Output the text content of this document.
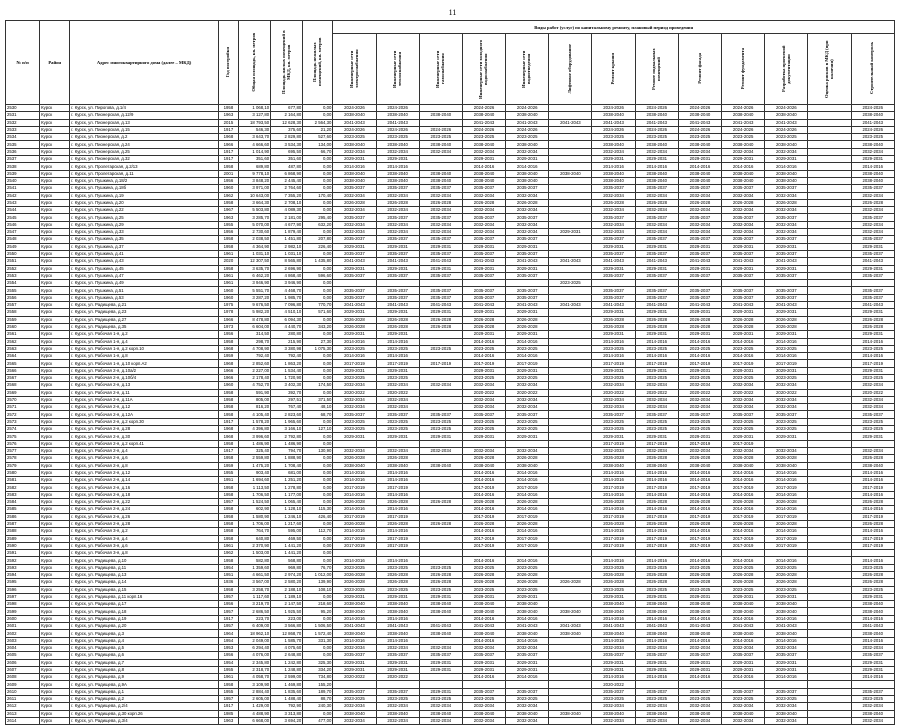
11
№ п/п	Район	Адрес многоквартирного дома (далее – МКД)	Год постройки	Общая площадь, кв. метров	Площадь жилых помещений в МКД, кв. метров	Площадь нежилых помещений, кв. метров	Виды работ (услуг) по капитальному ремонту, плановый период проведения												
							Инженерные сети электроснабжения	Инженерные сети теплоснабжения	Инженерные сети газоснабжения	Инженерные сети холодного водоснабжения	Инженерные сети водоотведения	Лифтовое оборудование	Ремонт крыши	Ремонт подвальных помещений	Ремонт фасада	Ремонт фундамента	Разработка проектной документации	Оценка рисков в МКД (при наличии)	Строительный контроль
2530	Курск	г. Курск, ул. Пирогова, д.1/4	1958	1 068,10	677,80	0,00	2024-2026	2024-2026		2024-2026	2024-2026		2024-2026	2024-2026	2024-2026	2024-2026	2024-2026		2024-2026
2531	Курск	г. Курск, ул. Пионерская, д.12/9	1963	3 127,80	2 164,80	0,00	2038-2040	2038-2040	2038-2040	2038-2040	2038-2040		2038-2040	2038-2040	2038-2040	2038-2040	2038-2040		2038-2040
2532	Курск	г. Курск, ул. Пионерская, д.13	2015	18 793,50	12 628,30	2 564,30	2041-2043	2041-2043		2041-2043	2041-2043	2041-2043	2041-2043	2041-2043	2041-2043	2041-2043	2041-2043		2041-2043
2533	Курск	г. Курск, ул. Пионерская, д.15	1917	546,30	375,60	21,20	2024-2026	2024-2026	2024-2026	2024-2026	2024-2026		2024-2026	2024-2026	2024-2026	2024-2026	2024-2026		2024-2026
2534	Курск	г. Курск, ул. Пионерская, д.2	1968	3 643,70	2 829,80	527,60	2023-2025	2023-2025	2023-2025	2023-2025	2023-2025		2023-2025	2023-2025	2023-2025	2023-2025	2023-2025		2023-2025
2535	Курск	г. Курск, ул. Пионерская, д.24	1966	4 666,60	3 534,30	134,00	2038-2040	2038-2040	2038-2040	2038-2040	2038-2040		2038-2040	2038-2040	2038-2040	2038-2040	2038-2040		2038-2040
2536	Курск	г. Курск, ул. Пионерская, д.25	1917	1 014,90	695,50	66,70	2032-2034	2032-2034	2032-2034	2032-2034	2032-2034		2032-2034	2032-2034	2032-2034	2032-2034	2032-2034		2032-2034
2537	Курск	г. Курск, ул. Пионерская, д.32	1917	351,60	351,60	0,00	2029-2031	2029-2031		2029-2031	2029-2031		2029-2031	2029-2031	2029-2031	2029-2031	2029-2031		2029-2031
2538	Курск	г. Курск, ул. Пролетарская, д.2/13	1958	689,80	487,80	0,00	2014-2016	2014-2016		2014-2016	2014-2016		2014-2016	2014-2016	2014-2016	2014-2016	2014-2016		2014-2016
2539	Курск	г. Курск, ул. Пролетарская, д.11	2001	9 778,10	6 868,90	0,00	2038-2040	2038-2040	2038-2040	2038-2040	2038-2040	2038-2040	2038-2040	2038-2040	2038-2040	2038-2040	2038-2040		2038-2040
2540	Курск	г. Курск, ул. Пушкина, д.18/2	1956	3 848,20	2 445,40	0,00	2038-2040	2038-2040	2038-2040	2038-2040	2038-2040		2038-2040	2038-2040	2038-2040	2038-2040	2038-2040		2038-2040
2541	Курск	г. Курск, ул. Пушкина, д.18б	1960	3 971,00	2 764,60	0,00	2035-2037	2035-2037	2035-2037	2035-2037	2035-2037		2035-2037	2035-2037	2035-2037	2035-2037	2035-2037		2035-2037
2542	Курск	г. Курск, ул. Пушкина, д.19	1962	10 643,00	7 355,20	170,40	2032-2034	2032-2034	2032-2034	2032-2034	2032-2034		2032-2034	2032-2034	2032-2034	2032-2034	2032-2034		2032-2034
2543	Курск	г. Курск, ул. Пушкина, д.20	1958	3 664,30	2 708,10	0,00	2026-2028	2026-2028	2026-2028	2026-2028	2026-2028		2026-2028	2026-2028	2026-2028	2026-2028	2026-2028		2026-2028
2544	Курск	г. Курск, ул. Пушкина, д.22	1967	5 503,80	4 089,30	0,00	2032-2034	2032-2034	2032-2034	2032-2034	2032-2034		2032-2034	2032-2034	2032-2034	2032-2034	2032-2034		2032-2034
2545	Курск	г. Курск, ул. Пушкина, д.25	1963	3 285,70	2 181,00	295,40	2035-2037	2035-2037	2035-2037	2035-2037	2035-2037		2035-2037	2035-2037	2035-2037	2035-2037	2035-2037		2035-2037
2546	Курск	г. Курск, ул. Пушкина, д.29	1955	5 070,00	4 677,90	632,20	2032-2034	2032-2034	2032-2034	2032-2034	2032-2034		2032-2034	2032-2034	2032-2034	2032-2034	2032-2034		2032-2034
2547	Курск	г. Курск, ул. Пушкина, д.33	1956	2 730,60	1 879,40	0,00	2032-2034	2032-2034	2032-2034	2032-2034	2032-2034	2029-2031	2032-2034	2032-2034	2032-2034	2032-2034	2032-2034		2032-2034
2548	Курск	г. Курск, ул. Пушкина, д.35	1958	2 038,50	1 451,80	207,80	2035-2037	2035-2037	2035-2037	2035-2037	2035-2037		2035-2037	2035-2037	2035-2037	2035-2037	2035-2037		2035-2037
2549	Курск	г. Курск, ул. Пушкина, д.37	1958	4 364,90	2 982,10	226,40	2029-2031	2029-2031	2029-2031	2029-2031	2029-2031		2029-2031	2029-2031	2029-2031	2029-2031	2029-2031		2029-2031
2550	Курск	г. Курск, ул. Пушкина, д.41	1961	1 031,10	1 031,10	0,00	2035-2037	2035-2037	2035-2037	2035-2037	2035-2037		2035-2037	2035-2037	2035-2037	2035-2037	2035-2037		2035-2037
2551	Курск	г. Курск, ул. Пушкина, д.43	2020	12 307,50	8 565,80	1 435,80	2041-2043	2041-2043	2041-2043	2041-2043	2041-2043	2041-2043	2041-2043	2041-2043	2041-2043	2041-2043	2041-2043		2041-2043
2552	Курск	г. Курск, ул. Пушкина, д.45	1958	3 635,70	2 696,90	0,00	2029-2031	2029-2031	2029-2031	2029-2031	2029-2031		2029-2031	2029-2031	2029-2031	2029-2031	2029-2031		2029-2031
2553	Курск	г. Курск, ул. Пушкина, д.47	1961	6 462,20	4 868,40	596,60	2035-2037	2035-2037	2035-2037	2035-2037	2035-2037		2035-2037	2035-2037	2035-2037	2035-2037	2035-2037		2035-2037
2554	Курск	г. Курск, ул. Пушкина, д.49	1961	3 946,90	3 946,90	0,00						2023-2025							
2555	Курск	г. Курск, ул. Пушкина, д.51	1960	5 551,70	4 468,70	0,00	2035-2037	2035-2037	2035-2037	2035-2037	2035-2037		2035-2037	2035-2037	2035-2037	2035-2037	2035-2037		2035-2037
2556	Курск	г. Курск, ул. Пушкина, д.53	1960	3 287,20	1 985,70	0,00	2035-2037	2035-2037	2035-2037	2035-2037	2035-2037		2035-2037	2035-2037	2035-2037	2035-2037	2035-2037		2035-2037
2557	Курск	г. Курск, ул. Радищева, д.21	1975	9 676,50	7 096,80	770,70	2041-2043	2041-2043	2041-2043	2041-2043	2041-2043	2041-2043	2041-2043	2041-2043	2041-2043	2041-2043	2041-2043		2041-2043
2558	Курск	г. Курск, ул. Радищева, д.23	1978	5 982,20	4 510,10	571,60	2029-2031	2029-2031	2029-2031	2029-2031	2029-2031		2029-2031	2029-2031	2029-2031	2029-2031	2029-2031		2029-2031
2559	Курск	г. Курск, ул. Радищева, д.27	1966	8 478,80	6 094,30	0,00	2026-2028	2026-2028	2026-2028	2026-2028	2026-2028		2026-2028	2026-2028	2026-2028	2026-2028	2026-2028		2026-2028
2560	Курск	г. Курск, ул. Радищева, д.35	1973	6 604,00	4 440,70	343,20	2026-2028	2026-2028	2026-2028	2026-2028	2026-2028		2026-2028	2026-2028	2026-2028	2026-2028	2026-2028		2026-2028
2561	Курск	г. Курск, ул. Рабочая 1-я, д.2	1956	314,50	280,80	0,00	2029-2031	2029-2031		2029-2031	2029-2031		2029-2031	2029-2031	2029-2031	2029-2031	2029-2031		2029-2031
2562	Курск	г. Курск, ул. Рабочая 1-я, д.4	1958	298,70	215,90	27,30	2014-2016	2014-2016		2014-2016	2014-2016		2014-2016	2014-2016	2014-2016	2014-2016	2014-2016		2014-2016
2563	Курск	г. Курск, ул. Рабочая 1-я, д.2 корп.10	1968	4 708,90	3 380,98	1 075,30	2023-2025	2023-2025	2023-2025	2023-2025	2023-2025		2023-2025	2023-2025	2023-2025	2023-2025	2023-2025		2023-2025
2564	Курск	г. Курск, ул. Рабочая 1-я, д.8	1959	792,40	792,40	0,00	2014-2016	2014-2016		2014-2016	2014-2016		2014-2016	2014-2016	2014-2016	2014-2016	2014-2016		2014-2016
2565	Курск	г. Курск, ул. Рабочая 1-я, д.10 корп.А2	1968	2 852,60	1 863,20	0,00	2017-2019	2017-2019	2017-2019	2017-2019	2017-2019		2017-2019	2017-2019	2017-2019	2017-2019	2017-2019		2017-2019
2566	Курск	г. Курск, ул. Рабочая 2-я, д.10а/2	1966	2 227,00	1 534,40	0,00	2029-2031	2029-2031		2029-2031	2029-2031		2029-2031	2029-2031	2029-2031	2029-2031	2029-2031		2029-2031
2567	Курск	г. Курск, ул. Рабочая 2-я, д.10б/4	1966	2 178,40	1 720,90	0,00	2023-2025	2023-2025		2023-2025	2023-2025		2023-2025	2023-2025	2023-2025	2023-2025	2023-2025		2023-2025
2568	Курск	г. Курск, ул. Рабочая 2-я, д.13	1960	4 752,70	3 402,30	174,50	2032-2034	2032-2034	2032-2034	2032-2034	2032-2034		2032-2034	2032-2034	2032-2034	2032-2034	2032-2034		2032-2034
2569	Курск	г. Курск, ул. Рабочая 2-я, д.11	1958	591,90	392,70	0,00	2020-2022	2020-2022		2020-2022	2020-2022		2020-2022	2020-2022	2020-2022	2020-2022	2020-2022		2020-2022
2570	Курск	г. Курск, ул. Рабочая 2-я, д.11А	1958	805,00	297,51	371,50	2032-2034	2032-2034		2032-2034	2032-2034		2032-2034	2032-2034	2032-2034	2032-2034	2032-2034		2032-2034
2571	Курск	г. Курск, ул. Рабочая 2-я, д.12	1958	816,20	767,40	48,10	2032-2034	2032-2034		2032-2034	2032-2034		2032-2034	2032-2034	2032-2034	2032-2034	2032-2034		2032-2034
2572	Курск	г. Курск, ул. Рабочая 2-я, д.12А	1958	4 105,40	2 823,60	68,70	2035-2037	2035-2037	2035-2037	2035-2037	2035-2037		2035-2037	2035-2037	2035-2037	2035-2037	2035-2037		2035-2037
2573	Курск	г. Курск, ул. Рабочая 2-я, д.2 корп.30	1917	1 578,20	1 965,60	0,00	2023-2025	2023-2025	2023-2025	2023-2025	2023-2025		2023-2025	2023-2025	2023-2025	2023-2025	2023-2025		2023-2025
2574	Курск	г. Курск, ул. Рабочая 2-я, д.28	1968	4 396,80	3 166,10	127,10	2023-2025	2023-2025	2023-2025	2023-2025	2023-2025		2023-2025	2023-2025	2023-2025	2023-2025	2023-2025		2023-2025
2575	Курск	г. Курск, ул. Рабочая 2-я, д.30	1968	3 996,60	2 792,80	0,00	2029-2031	2029-2031	2029-2031	2029-2031	2029-2031		2029-2031	2029-2031	2029-2031	2029-2031	2029-2031		2029-2031
2576	Курск	г. Курск, ул. Рабочая 2-я, д.2 корп.41	1958	1 486,90	1 486,90	0,00							2017-2019	2017-2019	2017-2019	2017-2019			
2577	Курск	г. Курск, ул. Рабочая 2-я, д.4	1917	325,40	794,70	130,90	2032-2034	2032-2034	2032-2034	2032-2034	2032-2034		2032-2034	2032-2034	2032-2034	2032-2034	2032-2034		2032-2034
2578	Курск	г. Курск, ул. Рабочая 2-я, д.6	1958	2 559,80	1 888,90	0,00	2026-2028	2026-2028		2026-2028	2026-2028		2026-2028	2026-2028	2026-2028	2026-2028	2026-2028		2026-2028
2579	Курск	г. Курск, ул. Рабочая 2-я, д.8	1959	1 475,20	1 708,40	0,00	2038-2040	2038-2040	2038-2040	2038-2040	2038-2040		2038-2040	2038-2040	2038-2040	2038-2040	2038-2040		2038-2040
2580	Курск	г. Курск, ул. Рабочая 2-я, д.12	1955	903,40	681,00	0,00	2014-2016	2014-2016		2014-2016	2014-2016		2014-2016	2014-2016	2014-2016	2014-2016	2014-2016		2014-2016
2581	Курск	г. Курск, ул. Рабочая 2-я, д.14	1951	1 694,60	1 251,20	0,00	2014-2016	2014-2016		2014-2016	2014-2016		2014-2016	2014-2016	2014-2016	2014-2016	2014-2016		2014-2016
2582	Курск	г. Курск, ул. Рабочая 2-я, д.16	1958	1 113,50	1 278,80	0,00	2017-2019	2017-2019		2017-2019	2017-2019		2017-2019	2017-2019	2017-2019	2017-2019	2017-2019		2017-2019
2583	Курск	г. Курск, ул. Рабочая 2-я, д.18	1958	1 706,50	1 177,00	0,00	2014-2016	2014-2016		2014-2016	2014-2016		2014-2016	2014-2016	2014-2016	2014-2016	2014-2016		2014-2016
2584	Курск	г. Курск, ул. Рабочая 2-я, д.22	1957	1 524,50	1 065,40	0,00	2026-2028	2026-2028	2026-2028	2026-2028	2026-2028		2026-2028	2026-2028	2026-2028	2026-2028	2026-2028		2026-2028
2585	Курск	г. Курск, ул. Рабочая 2-я, д.24	1958	602,90	1 128,10	115,30	2014-2016	2014-2016		2014-2016	2014-2016		2014-2016	2014-2016	2014-2016	2014-2016	2014-2016		2014-2016
2586	Курск	г. Курск, ул. Рабочая 2-я, д.26	1958	1 580,90	1 246,10	426,40	2017-2019	2017-2019		2017-2019	2017-2019		2017-2019	2017-2019	2017-2019	2017-2019	2017-2019		2017-2019
2587	Курск	г. Курск, ул. Рабочая 2-я, д.28	1958	1 706,00	1 217,60	0,00	2026-2028	2026-2028	2026-2028	2026-2028	2026-2028		2026-2028	2026-2028	2026-2028	2026-2028	2026-2028		2026-2028
2588	Курск	г. Курск, ул. Рабочая 3-я, д.2	1958	764,70	595,00	112,70	2014-2016	2014-2016		2014-2016	2014-2016		2014-2016	2014-2016	2014-2016	2014-2016	2014-2016		2014-2016
2589	Курск	г. Курск, ул. Рабочая 3-я, д.4	1958	640,80	469,50	0,00	2017-2019	2017-2019		2017-2019	2017-2019		2017-2019	2017-2019	2017-2019	2017-2019	2017-2019		2017-2019
2590	Курск	г. Курск, ул. Рабочая 3-я, д.6	1961	2 370,90	1 441,20	0,00	2017-2019	2017-2019		2017-2019	2017-2019		2017-2019	2017-2019	2017-2019	2017-2019	2017-2019		2017-2019
2591	Курск	г. Курск, ул. Рабочая 3-я, д.8	1962	1 503,00	1 441,20	0,00													
2592	Курск	г. Курск, ул. Радищева, д.10	1958	582,80	568,80	0,00	2014-2016	2014-2016		2014-2016	2014-2016		2014-2016	2014-2016	2014-2016	2014-2016	2014-2016		2014-2016
2593	Курск	г. Курск, ул. Радищева, д.11	1954	1 359,60	969,80	76,70	2023-2025	2023-2025	2023-2025	2023-2025	2023-2025		2023-2025	2023-2025	2023-2025	2023-2025	2023-2025		2023-2025
2594	Курск	г. Курск, ул. Радищева, д.13	1951	4 661,50	2 974,20	1 012,00	2026-2028	2026-2028	2026-2028	2026-2028	2026-2028		2026-2028	2026-2028	2026-2028	2026-2028	2026-2028		2026-2028
2595	Курск	г. Курск, ул. Радищева, д.14	1936	3 567,00	2 580,20	139,90	2026-2028	2026-2028	2026-2028	2026-2028	2026-2028	2026-2028	2026-2028	2026-2028	2026-2028	2026-2028	2026-2028		2026-2028
2596	Курск	г. Курск, ул. Радищева, д.15	1958	3 258,70	2 188,10	108,10	2023-2025	2023-2025	2023-2025	2023-2025	2023-2025		2023-2025	2023-2025	2023-2025	2023-2025	2023-2025		2023-2025
2597	Курск	г. Курск, ул. Радищева, д.11 корп.16	1957	1 117,60	1 189,10	0,00	2029-2031	2029-2031	2029-2031	2029-2031	2029-2031		2029-2031	2029-2031	2029-2031	2029-2031	2029-2031		2029-2031
2598	Курск	г. Курск, ул. Радищева, д.17	1956	3 219,70	2 147,50	218,60	2038-2040	2038-2040	2038-2040	2038-2040	2038-2040		2038-2040	2038-2040	2038-2040	2038-2040	2038-2040		2038-2040
2599	Курск	г. Курск, ул. Радищева, д.18	1957	2 686,50	1 925,50	95,20	2038-2040	2038-2040	2038-2040	2038-2040	2038-2040	2038-2040	2038-2040	2038-2040	2038-2040	2038-2040	2038-2040		2038-2040
2600	Курск	г. Курск, ул. Радищева, д.19	1917	223,70	223,00	0,00	2014-2016	2014-2016		2014-2016	2014-2016		2014-2016	2014-2016	2014-2016	2014-2016	2014-2016		2014-2016
2601	Курск	г. Курск, ул. Радищева, д.20	1957	6 409,00	3 566,80	1 506,50	2041-2043	2041-2043	2041-2043	2041-2043	2041-2043	2041-2043	2041-2043	2041-2043	2041-2043	2041-2043	2041-2043		2041-2043
2602	Курск	г. Курск, ул. Радищева, д.3	1964	18 962,10	12 868,70	1 572,40	2038-2040	2038-2040	2038-2040	2038-2040	2038-2040	2038-2040	2038-2040	2038-2040	2038-2040	2038-2040	2038-2040		2038-2040
2603	Курск	г. Курск, ул. Радищева, д.4	1954	2 049,00	1 585,70	331,30	2014-2016	2014-2016		2014-2016	2014-2016		2014-2016	2014-2016	2014-2016	2014-2016	2014-2016		2014-2016
2604	Курск	г. Курск, ул. Радищева, д.5	1953	6 294,40	4 075,60	0,00	2032-2034	2032-2034	2032-2034	2032-2034	2032-2034		2032-2034	2032-2034	2032-2034	2032-2034	2032-2034		2032-2034
2605	Курск	г. Курск, ул. Радищева, д.6	1956	4 076,00	2 648,80	0,00	2035-2037	2035-2037	2035-2037	2035-2037	2035-2037		2035-2037	2035-2037	2035-2037	2035-2037	2035-2037		2035-2037
2606	Курск	г. Курск, ул. Радищева, д.7	1954	2 345,80	1 242,80	325,30	2029-2031	2029-2031	2029-2031	2029-2031	2029-2031		2029-2031	2029-2031	2029-2031	2029-2031	2029-2031		2029-2031
2607	Курск	г. Курск, ул. Радищева, д.8	1955	2 318,70	1 248,80	334,20	2029-2031	2029-2031	2029-2031	2029-2031	2029-2031		2029-2031	2029-2031	2029-2031	2029-2031	2029-2031		2029-2031
2608	Курск	г. Курск, ул. Радищева, д.9	1961	4 058,70	2 599,00	734,80	2020-2022	2020-2022		2014-2016	2014-2016		2014-2016	2014-2016	2014-2016	2014-2016	2014-2016		2014-2016
2609	Курск	г. Курск, ул. Радищева, д.9А	1958	3 109,90	1 469,80	155,20							2020-2022						
2610	Курск	г. Курск, ул. Радищева, д.1	1955	2 884,40	1 835,60	189,70	2035-2037	2035-2037	2029-2031	2035-2037	2035-2037		2035-2037	2035-2037	2035-2037	2035-2037	2035-2037		2035-2037
2611	Курск	г. Курск, ул. Радищева, д.2	1957	2 605,00	1 488,40	88,70	2023-2025	2023-2025	2023-2025	2023-2025	2023-2025		2023-2025	2023-2025	2023-2025	2023-2025	2023-2025		2023-2025
2612	Курск	г. Курск, ул. Радищева, д.2/4	1917	1 429,00	792,90	240,30	2032-2034	2032-2034	2032-2034	2032-2034	2032-2034		2032-2034	2032-2034	2032-2034	2032-2034	2032-2034		2032-2034
2613	Курск	г. Курск, ул. Радищева, д.30 корп.26	1985	4 488,90	3 313,80	0,00	2038-2040	2038-2040	2038-2040	2038-2040	2038-2040	2038-2040	2038-2040	2038-2040	2038-2040	2038-2040	2038-2040		2038-2040
2614	Курск	г. Курск, ул. Радищева, д.3/4	1963	6 668,00	3 694,20	477,00	2032-2034	2032-2034	2032-2034	2032-2034	2032-2034		2032-2034	2032-2034	2032-2034	2032-2034	2032-2034		2032-2034
